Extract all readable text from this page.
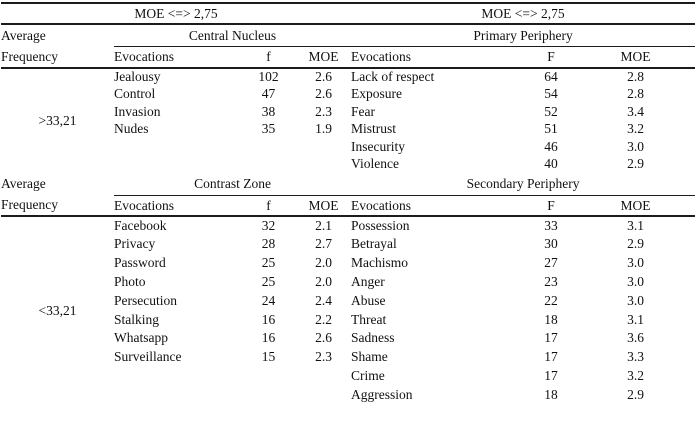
MOE <=> 2,75				MOE <=> 2,75		

Average
Frequency	Central Nucleus			Primary Periphery		
	Evocations	f	MOE	Evocations	F	MOE
>33,21	Jealousy	102	2.6	Lack of respect	64	2.8
	Control	47	2.6	Exposure	54	2.8
	Invasion	38	2.3	Fear	52	3.4
	Nudes	35	1.9	Mistrust	51	3.2
				Insecurity	46	3.0
				Violence	40	2.9

Average
Frequency	Contrast Zone			Secondary Periphery		
	Evocations	f	MOE	Evocations	F	MOE
<33,21	Facebook	32	2.1	Possession	33	3.1
	Privacy	28	2.7	Betrayal	30	2.9
	Password	25	2.0	Machismo	27	3.0
	Photo	25	2.0	Anger	23	3.0
	Persecution	24	2.4	Abuse	22	3.0
	Stalking	16	2.2	Threat	18	3.1
	Whatsapp	16	2.6	Sadness	17	3.6
	Surveillance	15	2.3	Shame	17	3.3
				Crime	17	3.2
				Aggression	18	2.9
